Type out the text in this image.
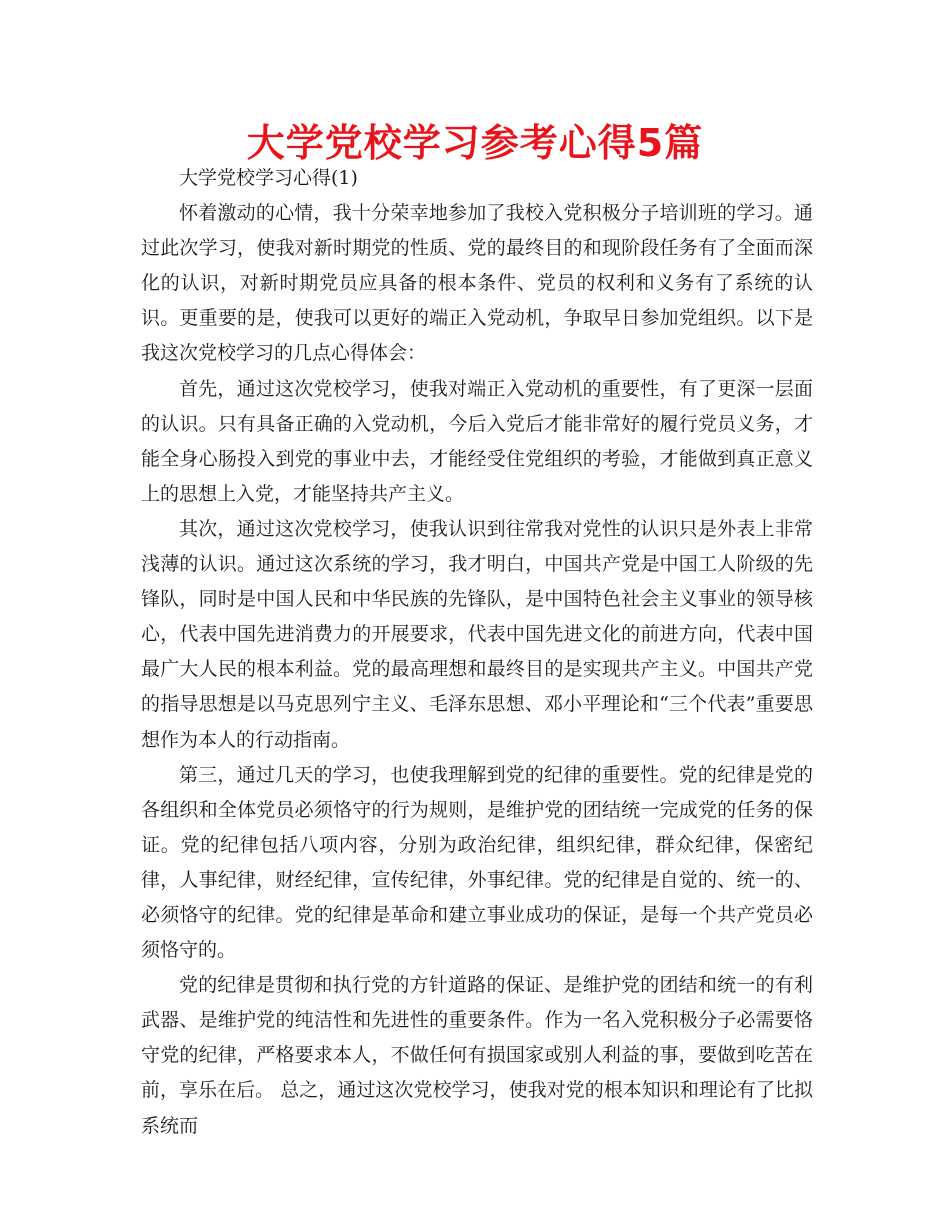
大学党校学习参考心得5篇

大学党校学习心得(1)

怀着激动的心情，我十分荣幸地参加了我校入党积极分子培训班的学习。通过此次学习，使我对新时期党的性质、党的最终目的和现阶段任务有了全面而深化的认识，对新时期党员应具备的根本条件、党员的权利和义务有了系统的认识。更重要的是，使我可以更好的端正入党动机，争取早日参加党组织。以下是我这次党校学习的几点心得体会：

首先，通过这次党校学习，使我对端正入党动机的重要性，有了更深一层面的认识。只有具备正确的入党动机，今后入党后才能非常好的履行党员义务，才能全身心肠投入到党的事业中去，才能经受住党组织的考验，才能做到真正意义上的思想上入党，才能坚持共产主义。

其次，通过这次党校学习，使我认识到往常我对党性的认识只是外表上非常浅薄的认识。通过这次系统的学习，我才明白，中国共产党是中国工人阶级的先锋队，同时是中国人民和中华民族的先锋队，是中国特色社会主义事业的领导核心，代表中国先进消费力的开展要求，代表中国先进文化的前进方向，代表中国最广大人民的根本利益。党的最高理想和最终目的是实现共产主义。中国共产党的指导思想是以马克思列宁主义、毛泽东思想、邓小平理论和“三个代表”重要思想作为本人的行动指南。

第三，通过几天的学习，也使我理解到党的纪律的重要性。党的纪律是党的各组织和全体党员必须恪守的行为规则，是维护党的团结统一完成党的任务的保证。党的纪律包括八项内容，分别为政治纪律，组织纪律，群众纪律，保密纪律，人事纪律，财经纪律，宣传纪律，外事纪律。党的纪律是自觉的、统一的、必须恪守的纪律。党的纪律是革命和建立事业成功的保证，是每一个共产党员必须恪守的。

党的纪律是贯彻和执行党的方针道路的保证、是维护党的团结和统一的有利武器、是维护党的纯洁性和先进性的重要条件。作为一名入党积极分子必需要恪守党的纪律，严格要求本人，不做任何有损国家或别人利益的事，要做到吃苦在前，享乐在后。 总之，通过这次党校学习，使我对党的根本知识和理论有了比拟系统而
